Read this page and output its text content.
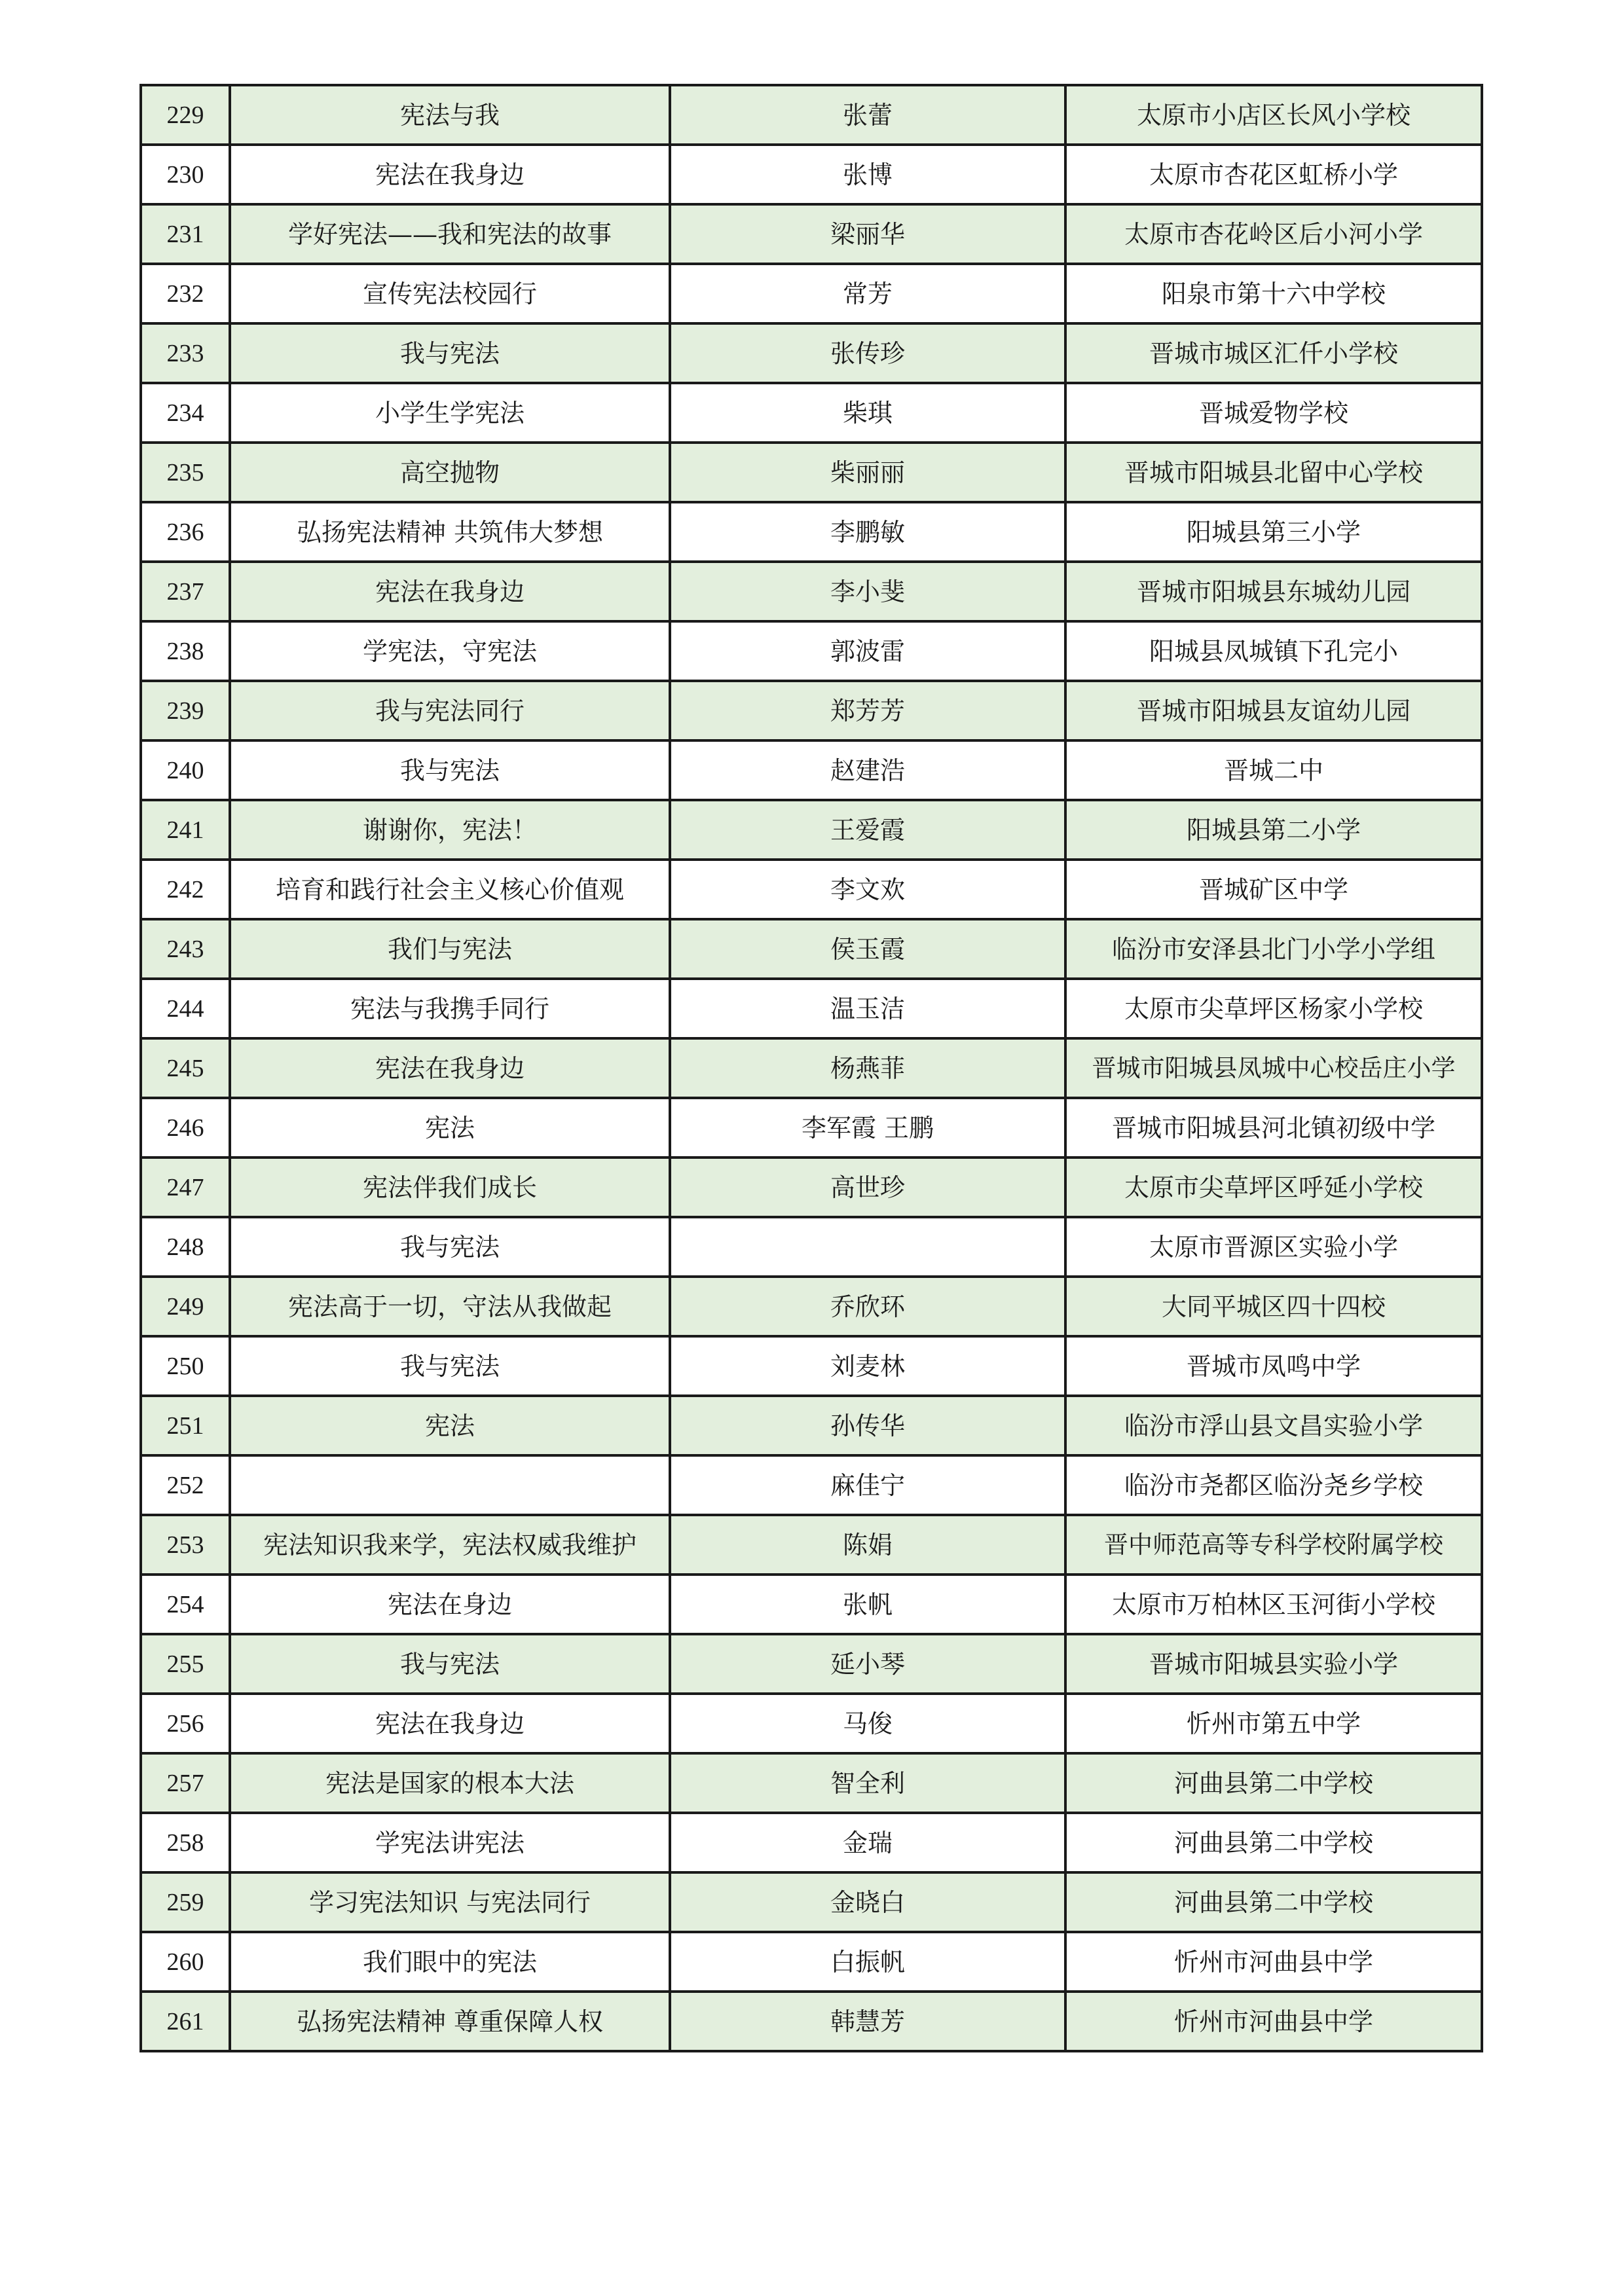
229	宪法与我	张蕾	太原市小店区长风小学校
230	宪法在我身边	张博	太原市杏花区虹桥小学
231	学好宪法——我和宪法的故事	梁丽华	太原市杏花岭区后小河小学
232	宣传宪法校园行	常芳	阳泉市第十六中学校
233	我与宪法	张传珍	晋城市城区汇仟小学校
234	小学生学宪法	柴琪	晋城爱物学校
235	高空抛物	柴丽丽	晋城市阳城县北留中心学校
236	弘扬宪法精神 共筑伟大梦想	李鹏敏	阳城县第三小学
237	宪法在我身边	李小斐	晋城市阳城县东城幼儿园
238	学宪法，守宪法	郭波雷	阳城县凤城镇下孔完小
239	我与宪法同行	郑芳芳	晋城市阳城县友谊幼儿园
240	我与宪法	赵建浩	晋城二中
241	谢谢你，宪法！	王爱霞	阳城县第二小学
242	培育和践行社会主义核心价值观	李文欢	晋城矿区中学
243	我们与宪法	侯玉霞	临汾市安泽县北门小学小学组
244	宪法与我携手同行	温玉洁	太原市尖草坪区杨家小学校
245	宪法在我身边	杨燕菲	晋城市阳城县凤城中心校岳庄小学
246	宪法	李军霞 王鹏	晋城市阳城县河北镇初级中学
247	宪法伴我们成长	高世珍	太原市尖草坪区呼延小学校
248	我与宪法		太原市晋源区实验小学
249	宪法高于一切，守法从我做起	乔欣环	大同平城区四十四校
250	我与宪法	刘麦林	晋城市凤鸣中学
251	宪法	孙传华	临汾市浮山县文昌实验小学
252		麻佳宁	临汾市尧都区临汾尧乡学校
253	宪法知识我来学，宪法权威我维护	陈娟	晋中师范高等专科学校附属学校
254	宪法在身边	张帆	太原市万柏林区玉河街小学校
255	我与宪法	延小琴	晋城市阳城县实验小学
256	宪法在我身边	马俊	忻州市第五中学
257	宪法是国家的根本大法	智全利	河曲县第二中学校
258	学宪法讲宪法	金瑞	河曲县第二中学校
259	学习宪法知识 与宪法同行	金晓白	河曲县第二中学校
260	我们眼中的宪法	白振帆	忻州市河曲县中学
261	弘扬宪法精神 尊重保障人权	韩慧芳	忻州市河曲县中学
